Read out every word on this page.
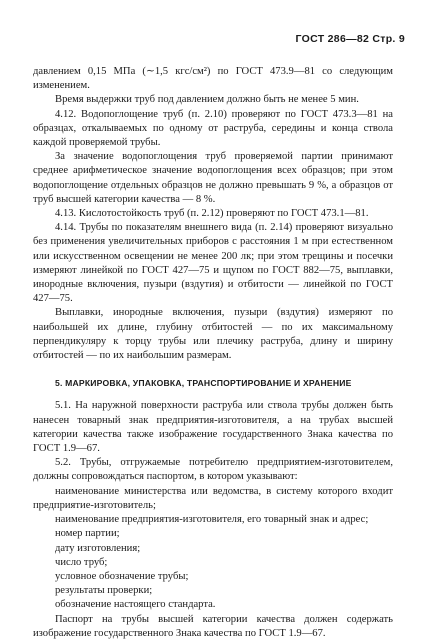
ГОСТ 286—82 Стр. 9

давлением 0,15 МПа (∼1,5 кгс/см²) по ГОСТ 473.9—81 со следующим изменением.

Время выдержки труб под давлением должно быть не менее 5 мин.

4.12. Водопоглощение труб (п. 2.10) проверяют по ГОСТ 473.3—81 на образцах, откалываемых по одному от раструба, середины и конца ствола каждой проверяемой трубы.

За значение водопоглощения труб проверяемой партии принимают среднее арифметическое значение водопоглощения всех образцов; при этом водопоглощение отдельных образцов не должно превышать 9 %, а образцов от труб высшей категории качества — 8 %.

4.13. Кислотостойкость труб (п. 2.12) проверяют по ГОСТ 473.1—81.

4.14. Трубы по показателям внешнего вида (п. 2.14) проверяют визуально без применения увеличительных приборов с расстояния 1 м при естественном или искусственном освещении не менее 200 лк; при этом трещины и посечки измеряют линейкой по ГОСТ 427—75 и щупом по ГОСТ 882—75, выплавки, инородные включения, пузыри (вздутия) и отбитости — линейкой по ГОСТ 427—75.

Выплавки, инородные включения, пузыри (вздутия) измеряют по наибольшей их длине, глубину отбитостей — по их максимальному перпендикуляру к торцу трубы или плечику раструба, длину и ширину отбитостей — по их наибольшим размерам.

5. МАРКИРОВКА, УПАКОВКА, ТРАНСПОРТИРОВАНИЕ И ХРАНЕНИЕ

5.1. На наружной поверхности раструба или ствола трубы должен быть нанесен товарный знак предприятия-изготовителя, а на трубах высшей категории качества также изображение государственного Знака качества по ГОСТ 1.9—67.

5.2. Трубы, отгружаемые потребителю предприятием-изготовителем, должны сопровождаться паспортом, в котором указывают:

наименование министерства или ведомства, в систему которого входит предприятие-изготовитель;

наименование предприятия-изготовителя, его товарный знак и адрес;

номер партии;

дату изготовления;

число труб;

условное обозначение трубы;

результаты проверки;

обозначение настоящего стандарта.

Паспорт на трубы высшей категории качества должен содержать изображение государственного Знака качества по ГОСТ 1.9—67.
